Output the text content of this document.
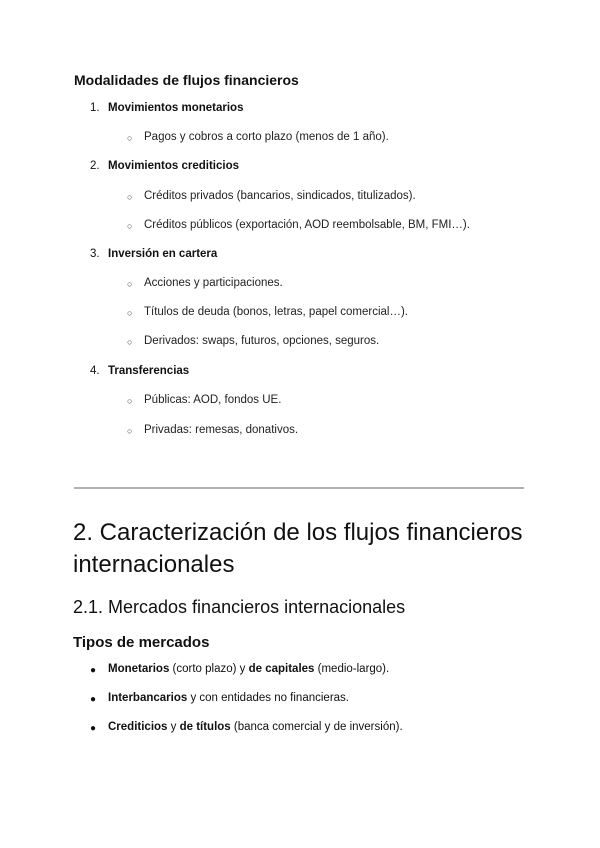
Modalidades de flujos financieros
1. Movimientos monetarios
○ Pagos y cobros a corto plazo (menos de 1 año).
2. Movimientos crediticios
○ Créditos privados (bancarios, sindicados, titulizados).
○ Créditos públicos (exportación, AOD reembolsable, BM, FMI…).
3. Inversión en cartera
○ Acciones y participaciones.
○ Títulos de deuda (bonos, letras, papel comercial…).
○ Derivados: swaps, futuros, opciones, seguros.
4. Transferencias
○ Públicas: AOD, fondos UE.
○ Privadas: remesas, donativos.
2. Caracterización de los flujos financieros internacionales
2.1. Mercados financieros internacionales
Tipos de mercados
● Monetarios (corto plazo) y de capitales (medio-largo).
● Interbancarios y con entidades no financieras.
● Crediticios y de títulos (banca comercial y de inversión).
